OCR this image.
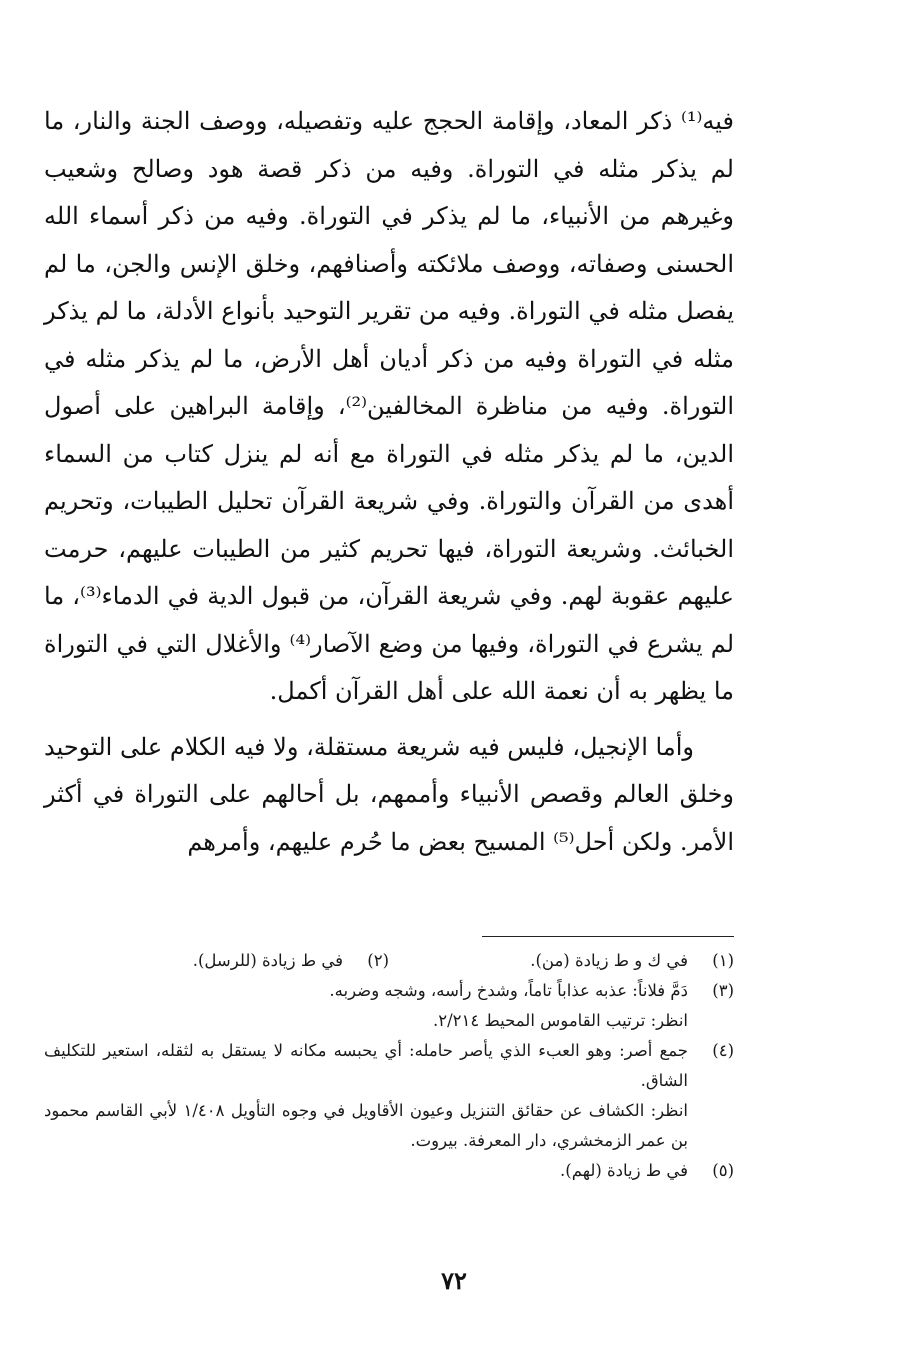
فيه⁽¹⁾ ذكر المعاد، وإقامة الحجج عليه وتفصيله، ووصف الجنة والنار، ما لم يذكر مثله في التوراة. وفيه من ذكر قصة هود وصالح وشعيب وغيرهم من الأنبياء، ما لم يذكر في التوراة. وفيه من ذكر أسماء الله الحسنى وصفاته، ووصف ملائكته وأصنافهم، وخلق الإنس والجن، ما لم يفصل مثله في التوراة. وفيه من تقرير التوحيد بأنواع الأدلة، ما لم يذكر مثله في التوراة وفيه من ذكر أديان أهل الأرض، ما لم يذكر مثله في التوراة. وفيه من مناظرة المخالفين⁽²⁾، وإقامة البراهين على أصول الدين، ما لم يذكر مثله في التوراة مع أنه لم ينزل كتاب من السماء أهدى من القرآن والتوراة. وفي شريعة القرآن تحليل الطيبات، وتحريم الخبائث. وشريعة التوراة، فيها تحريم كثير من الطيبات عليهم، حرمت عليهم عقوبة لهم. وفي شريعة القرآن، من قبول الدية في الدماء⁽³⁾، ما لم يشرع في التوراة، وفيها من وضع الآصار⁽⁴⁾ والأغلال التي في التوراة ما يظهر به أن نعمة الله على أهل القرآن أكمل.

وأما الإنجيل، فليس فيه شريعة مستقلة، ولا فيه الكلام على التوحيد وخلق العالم وقصص الأنبياء وأممهم، بل أحالهم على التوراة في أكثر الأمر. ولكن أحل⁽⁵⁾ المسيح بعض ما حُرم عليهم، وأمرهم

(١)
في ك و ط زيادة (من).
(٢)
في ط زيادة (للرسل).
(٣)
دَمَّ فلاناً: عذبه عذاباً تاماً، وشدخ رأسه، وشجه وضربه.
انظر: ترتيب القاموس المحيط ٢/٢١٤.
(٤)
جمع أصر: وهو العبء الذي يأصر حامله: أي يحبسه مكانه لا يستقل به لثقله، استعير للتكليف الشاق.
انظر: الكشاف عن حقائق التنزيل وعيون الأقاويل في وجوه التأويل ١/٤٠٨ لأبي القاسم محمود بن عمر الزمخشري، دار المعرفة. بيروت.
(٥)
في ط زيادة (لهم).
٧٢
